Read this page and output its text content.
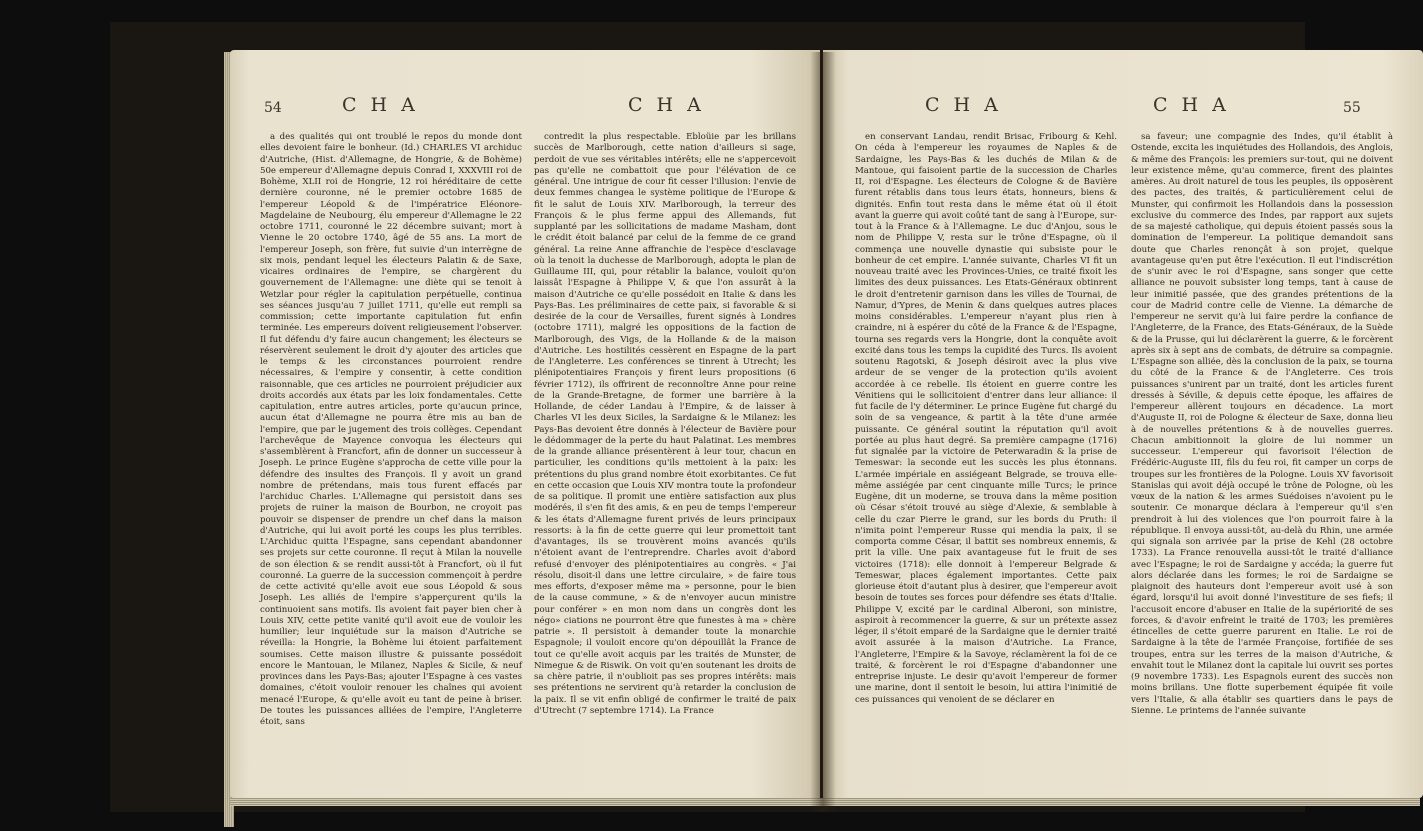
54	CHA	CHA

a des qualités qui ont troublé le repos du monde dont elles devoient faire le bonheur. (Id.) CHARLES VI archiduc d'Autriche, (Hist. d'Allemagne, de Hongrie, & de Bohème) 50e empereur d'Allemagne depuis Conrad I, XXXVIII roi de Bohème, XLII roi de Hongrie, 12 roi héréditaire de cette dernière couronne, né le premier octobre 1685 de l'empereur Léopold & de l'impératrice Eléonore-Magdelaine de Neubourg, élu empereur d'Allemagne le 22 octobre 1711, couronné le 22 décembre suivant; mort à Vienne le 20 octobre 1740, âgé de 55 ans. La mort de l'empereur Joseph, son frère, fut suivie d'un interrègne de six mois, pendant lequel les électeurs Palatin & de Saxe, vicaires ordinaires de l'empire, se chargèrent du gouvernement de l'Allemagne: une diète qui se tenoit à Wetzlar pour régler la capitulation perpétuelle, continua ses séances jusqu'au 7 juillet 1711, qu'elle eut rempli sa commission; cette importante capitulation fut enfin terminée. Les empereurs doivent religieusement l'observer. Il fut défendu d'y faire aucun changement; les électeurs se réservèrent seulement le droit d'y ajouter des articles que le temps & les circonstances pourroient rendre nécessaires, & l'empire y consentir, à cette condition raisonnable, que ces articles ne pourroient préjudicier aux droits accordés aux états par les loix fondamentales. Cette capitulation, entre autres articles, porte qu'aucun prince, aucun état d'Allemagne ne pourra être mis au ban de l'empire, que par le jugement des trois collèges. Cependant l'archevêque de Mayence convoqua les électeurs qui s'assemblèrent à Francfort, afin de donner un successeur à Joseph. Le prince Eugène s'approcha de cette ville pour la défendre des insultes des François. Il y avoit un grand nombre de prétendans, mais tous furent effacés par l'archiduc Charles. L'Allemagne qui persistoit dans ses projets de ruiner la maison de Bourbon, ne croyoit pas pouvoir se dispenser de prendre un chef dans la maison d'Autriche, qui lui avoit porté les coups les plus terribles. L'Archiduc quitta l'Espagne, sans cependant abandonner ses projets sur cette couronne. Il reçut à Milan la nouvelle de son élection & se rendit aussi-tôt à Francfort, où il fut couronné. La guerre de la succession commençoit à perdre de cette activité qu'elle avoit eue sous Léopold & sous Joseph. Les alliés de l'empire s'apperçurent qu'ils la continuoient sans motifs. Ils avoient fait payer bien cher à Louis XIV, cette petite vanité qu'il avoit eue de vouloir les humilier; leur inquiétude sur la maison d'Autriche se réveilla: la Hongrie, la Bohème lui étoient parfaitement soumises. Cette maison illustre & puissante possédoit encore le Mantouan, le Milanez, Naples & Sicile, & neuf provinces dans les Pays-Bas; ajouter l'Espagne à ces vastes domaines, c'étoit vouloir renouer les chaînes qui avoient menacé l'Europe, & qu'elle avoit eu tant de peine à briser. De toutes les puissances alliées de l'empire, l'Angleterre étoit, sans

contredit la plus respectable. Ebloüie par les brillans succès de Marlborough, cette nation d'ailleurs si sage, perdoit de vue ses véritables intérêts; elle ne s'appercevoit pas qu'elle ne combattoit que pour l'élévation de ce général. Une intrigue de cour fit cesser l'illusion: l'envie de deux femmes changea le système politique de l'Europe & fit le salut de Louis XIV. Marlborough, la terreur des François & le plus ferme appui des Allemands, fut supplanté par les sollicitations de madame Masham, dont le crédit étoit balancé par celui de la femme de ce grand général. La reine Anne affranchie de l'espèce d'esclavage où la tenoit la duchesse de Marlborough, adopta le plan de Guillaume III, qui, pour rétablir la balance, vouloit qu'on laissât l'Espagne à Philippe V, & que l'on assurât à la maison d'Autriche ce qu'elle possédoit en Italie & dans les Pays-Bas. Les préliminaires de cette paix, si favorable & si desirée de la cour de Versailles, furent signés à Londres (octobre 1711), malgré les oppositions de la faction de Marlborough, des Vigs, de la Hollande & de la maison d'Autriche. Les hostilités cessèrent en Espagne de la part de l'Angleterre. Les conférences se tinrent à Utrecht; les plénipotentiaires François y firent leurs propositions (6 février 1712), ils offrirent de reconnoître Anne pour reine de la Grande-Bretagne, de former une barrière à la Hollande, de céder Landau à l'Empire, & de laisser à Charles VI les deux Siciles, la Sardaigne & le Milanez: les Pays-Bas devoient être donnés à l'électeur de Bavière pour le dédommager de la perte du haut Palatinat. Les membres de la grande alliance présentèrent à leur tour, chacun en particulier, les conditions qu'ils mettoient à la paix: les prétentions du plus grand nombre étoit exorbitantes. Ce fut en cette occasion que Louis XIV montra toute la profondeur de sa politique. Il promit une entière satisfaction aux plus modérés, il s'en fit des amis, & en peu de temps l'empereur & les états d'Allemagne furent privés de leurs principaux ressorts: à la fin de cette guerre qui leur promettoit tant d'avantages, ils se trouvèrent moins avancés qu'ils n'étoient avant de l'entreprendre. Charles avoit d'abord refusé d'envoyer des plénipotentiaires au congrès. « J'ai résolu, disoit-il dans une lettre circulaire, » de faire tous mes efforts, d'exposer même ma » personne, pour le bien de la cause commune, » & de n'envoyer aucun ministre pour conférer » en mon nom dans un congrès dont les négo» ciations ne pourront être que funestes à ma » chère patrie ». Il persistoit à demander toute la monarchie Espagnole; il vouloit encore qu'on dépouillât la France de tout ce qu'elle avoit acquis par les traités de Munster, de Nimegue & de Riswik. On voit qu'en soutenant les droits de sa chère patrie, il n'oublioit pas ses propres intérêts: mais ses prétentions ne servirent qu'à retarder la conclusion de la paix. Il se vit enfin obligé de confirmer le traité de paix d'Utrecht (7 septembre 1714). La France

CHA	CHA	55

en conservant Landau, rendit Brisac, Fribourg & Kehl. On céda à l'empereur les royaumes de Naples & de Sardaigne, les Pays-Bas & les duchés de Milan & de Mantoue, qui faisoient partie de la succession de Charles II, roi d'Espagne. Les électeurs de Cologne & de Bavière furent rétablis dans tous leurs états, honneurs, biens & dignités. Enfin tout resta dans le même état où il étoit avant la guerre qui avoit coûté tant de sang à l'Europe, sur-tout à la France & à l'Allemagne. Le duc d'Anjou, sous le nom de Philippe V, resta sur le trône d'Espagne, où il commença une nouvelle dynastie qui subsiste pour le bonheur de cet empire. L'année suivante, Charles VI fit un nouveau traité avec les Provinces-Unies, ce traité fixoit les limites des deux puissances. Les Etats-Généraux obtinrent le droit d'entretenir garnison dans les villes de Tournai, de Namur, d'Ypres, de Menin & dans quelques autres places moins considérables. L'empereur n'ayant plus rien à craindre, ni à espérer du côté de la France & de l'Espagne, tourna ses regards vers la Hongrie, dont la conquête avoit excité dans tous les temps la cupidité des Turcs. Ils avoient soutenu Ragotski, & Joseph désiroit avec la plus vive ardeur de se venger de la protection qu'ils avoient accordée à ce rebelle. Ils étoient en guerre contre les Vénitiens qui le sollicitoient d'entrer dans leur alliance: il fut facile de l'y déterminer. Le prince Eugène fut chargé du soin de sa vengeance, & partit à la tête d'une armée puissante. Ce général soutint la réputation qu'il avoit portée au plus haut degré. Sa première campagne (1716) fut signalée par la victoire de Peterwaradin & la prise de Temeswar: la seconde eut les succès les plus étonnans. L'armée impériale en assiégeant Belgrade, se trouva elle-même assiégée par cent cinquante mille Turcs; le prince Eugène, dit un moderne, se trouva dans la même position où César s'étoit trouvé au siège d'Alexie, & semblable à celle du czar Pierre le grand, sur les bords du Pruth: il n'imita point l'empereur Russe qui mendia la paix, il se comporta comme César, il battit ses nombreux ennemis, & prit la ville. Une paix avantageuse fut le fruit de ses victoires (1718): elle donnoit à l'empereur Belgrade & Temeswar, places également importantes. Cette paix glorieuse étoit d'autant plus à desirer, que l'empereur avoit besoin de toutes ses forces pour défendre ses états d'Italie. Philippe V, excité par le cardinal Alberoni, son ministre, aspiroit à recommencer la guerre, & sur un prétexte assez léger, il s'étoit emparé de la Sardaigne que le dernier traité avoit assurée à la maison d'Autriche. La France, l'Angleterre, l'Empire & la Savoye, réclamèrent la foi de ce traité, & forcèrent le roi d'Espagne d'abandonner une entreprise injuste. Le desir qu'avoit l'empereur de former une marine, dont il sentoit le besoin, lui attira l'inimitié de ces puissances qui venoient de se déclarer en

sa faveur; une compagnie des Indes, qu'il établit à Ostende, excita les inquiétudes des Hollandois, des Anglois, & même des François: les premiers sur-tout, qui ne doivent leur existence même, qu'au commerce, firent des plaintes amères. Au droit naturel de tous les peuples, ils opposèrent des pactes, des traités, & particulièrement celui de Munster, qui confirmoit les Hollandois dans la possession exclusive du commerce des Indes, par rapport aux sujets de sa majesté catholique, qui depuis étoient passés sous la domination de l'empereur. La politique demandoit sans doute que Charles renonçât à son projet, quelque avantageuse qu'en put être l'exécution. Il eut l'indiscrétion de s'unir avec le roi d'Espagne, sans songer que cette alliance ne pouvoit subsister long temps, tant à cause de leur inimitié passée, que des grandes prétentions de la cour de Madrid contre celle de Vienne. La démarche de l'empereur ne servit qu'à lui faire perdre la confiance de l'Angleterre, de la France, des Etats-Généraux, de la Suède & de la Prusse, qui lui déclarèrent la guerre, & le forcèrent après six à sept ans de combats, de détruire sa compagnie. L'Espagne son alliée, dès la conclusion de la paix, se tourna du côté de la France & de l'Angleterre. Ces trois puissances s'unirent par un traité, dont les articles furent dressés à Séville, & depuis cette époque, les affaires de l'empereur allèrent toujours en décadence. La mort d'Auguste II, roi de Pologne & électeur de Saxe, donna lieu à de nouvelles prétentions & à de nouvelles guerres. Chacun ambitionnoit la gloire de lui nommer un successeur. L'empereur qui favorisoit l'élection de Frédéric-Auguste III, fils du feu roi, fit camper un corps de troupes sur les frontières de la Pologne. Louis XV favorisoit Stanislas qui avoit déjà occupé le trône de Pologne, où les vœux de la nation & les armes Suédoises n'avoient pu le soutenir. Ce monarque déclara à l'empereur qu'il s'en prendroit à lui des violences que l'on pourroit faire à la république. Il envoya aussi-tôt, au-delà du Rhin, une armée qui signala son arrivée par la prise de Kehl (28 octobre 1733). La France renouvella aussi-tôt le traité d'alliance avec l'Espagne; le roi de Sardaigne y accéda; la guerre fut alors déclarée dans les formes; le roi de Sardaigne se plaignoit des hauteurs dont l'empereur avoit usé à son égard, lorsqu'il lui avoit donné l'investiture de ses fiefs; il l'accusoit encore d'abuser en Italie de la supériorité de ses forces, & d'avoir enfreint le traité de 1703; les premières étincelles de cette guerre parurent en Italie. Le roi de Sardaigne à la tête de l'armée Françoise, fortifiée de ses troupes, entra sur les terres de la maison d'Autriche, & envahit tout le Milanez dont la capitale lui ouvrit ses portes (9 novembre 1733). Les Espagnols eurent des succès non moins brillans. Une flotte superbement équipée fit voile vers l'Italie, & alla établir ses quartiers dans le pays de Sienne. Le printems de l'année suivante
